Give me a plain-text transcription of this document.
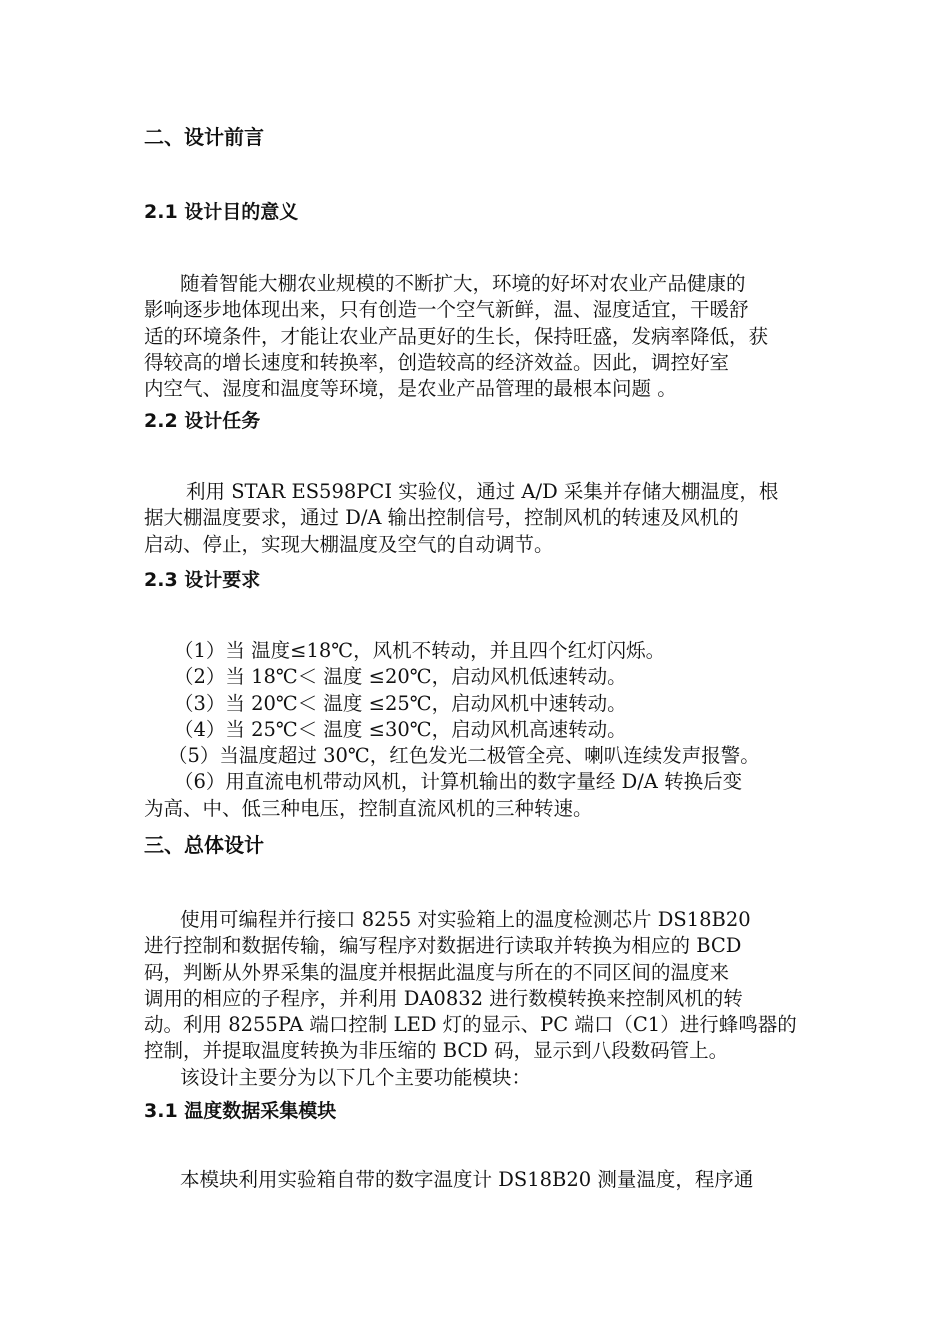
二、设计前言
2.1 设计目的意义
随着智能大棚农业规模的不断扩大，环境的好坏对农业产品健康的
影响逐步地体现出来，只有创造一个空气新鲜，温、湿度适宜，干暖舒
适的环境条件，才能让农业产品更好的生长，保持旺盛，发病率降低，获
得较高的增长速度和转换率，创造较高的经济效益。因此，调控好室
内空气、湿度和温度等环境，是农业产品管理的最根本问题 。
2.2 设计任务
利用 STAR ES598PCI 实验仪，通过 A/D 采集并存储大棚温度，根
据大棚温度要求，通过 D/A 输出控制信号，控制风机的转速及风机的
启动、停止，实现大棚温度及空气的自动调节。
2.3 设计要求
（1）当 温度≤18℃，风机不转动，并且四个红灯闪烁。
（2）当 18℃＜ 温度 ≤20℃，启动风机低速转动。
（3）当 20℃＜ 温度 ≤25℃，启动风机中速转动。
（4）当 25℃＜ 温度 ≤30℃，启动风机高速转动。
（5）当温度超过 30℃，红色发光二极管全亮、喇叭连续发声报警。
（6）用直流电机带动风机，计算机输出的数字量经 D/A 转换后变
为高、中、低三种电压，控制直流风机的三种转速。
三、总体设计
使用可编程并行接口 8255 对实验箱上的温度检测芯片 DS18B20
进行控制和数据传输，编写程序对数据进行读取并转换为相应的 BCD
码，判断从外界采集的温度并根据此温度与所在的不同区间的温度来
调用的相应的子程序，并利用 DA0832 进行数模转换来控制风机的转
动。利用 8255PA 端口控制 LED 灯的显示、PC 端口（C1）进行蜂鸣器的
控制，并提取温度转换为非压缩的 BCD 码，显示到八段数码管上。
该设计主要分为以下几个主要功能模块：
3.1 温度数据采集模块
本模块利用实验箱自带的数字温度计 DS18B20 测量温度，程序通
